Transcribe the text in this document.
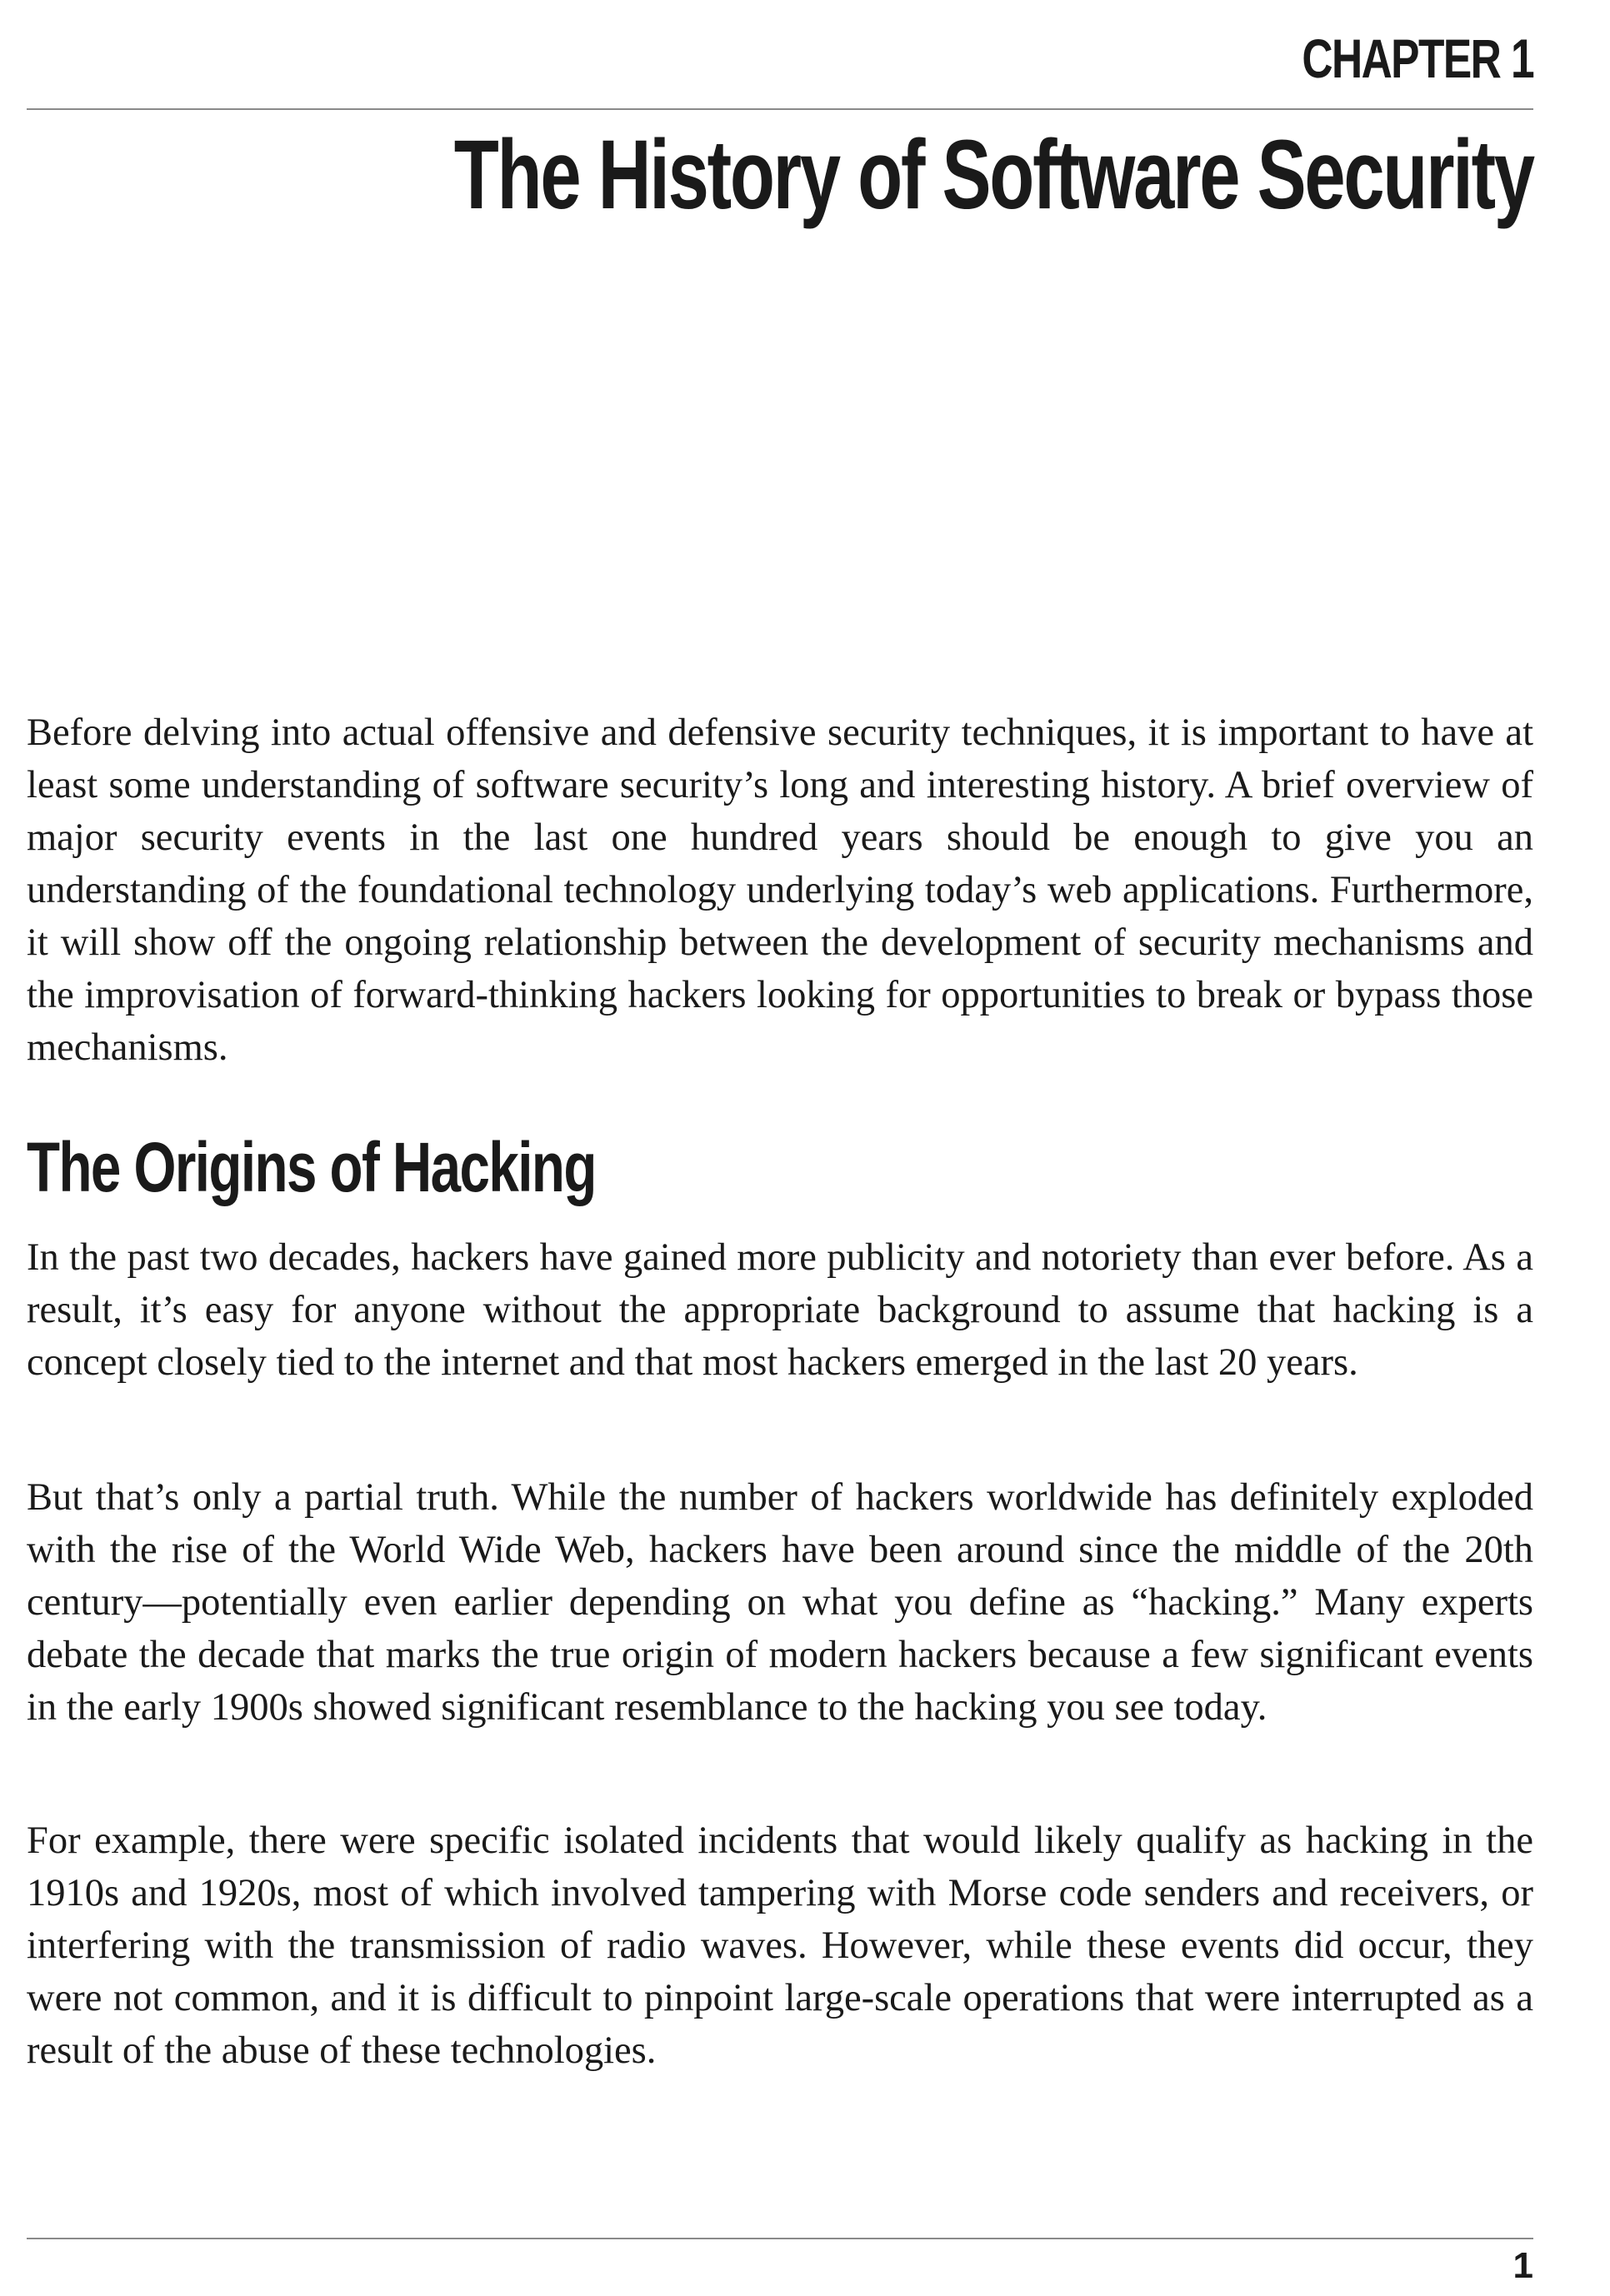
CHAPTER 1
The History of Software Security

Before delving into actual offensive and defensive security techniques, it is important to have at least some understanding of software security’s long and interesting history. A brief overview of major security events in the last one hundred years should be enough to give you an understanding of the foundational technology underlying today’s web applications. Furthermore, it will show off the ongoing relationship between the development of security mechanisms and the improvisation of forward-thinking hackers looking for opportunities to break or bypass those mechanisms.

The Origins of Hacking

In the past two decades, hackers have gained more publicity and notoriety than ever before. As a result, it’s easy for anyone without the appropriate background to assume that hacking is a concept closely tied to the internet and that most hackers emerged in the last 20 years.

But that’s only a partial truth. While the number of hackers worldwide has definitely exploded with the rise of the World Wide Web, hackers have been around since the middle of the 20th century—potentially even earlier depending on what you define as “hacking.” Many experts debate the decade that marks the true origin of modern hackers because a few significant events in the early 1900s showed significant resemblance to the hacking you see today.

For example, there were specific isolated incidents that would likely qualify as hacking in the 1910s and 1920s, most of which involved tampering with Morse code senders and receivers, or interfering with the transmission of radio waves. However, while these events did occur, they were not common, and it is difficult to pinpoint large-scale operations that were interrupted as a result of the abuse of these technologies.

1
